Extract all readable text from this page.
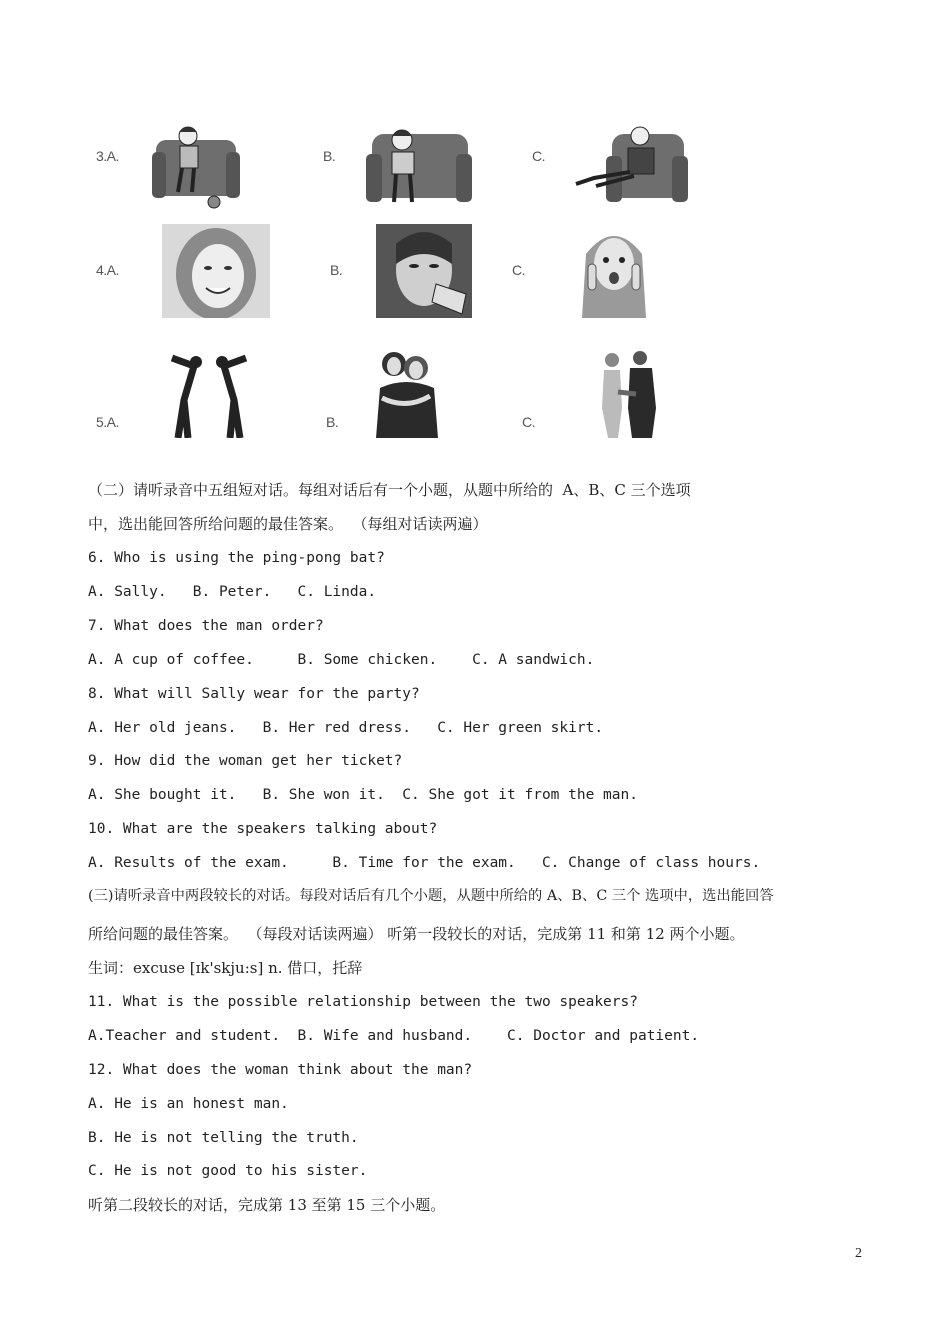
3.A.	B.	C.
4.A.	B.	C.
5.A.	B.	C.
（二）请听录音中五组短对话。每组对话后有一个小题，从题中所给的  A、B、C 三个选项
中，选出能回答所给问题的最佳答案。  （每组对话读两遍）
6. Who is using the ping-pong bat?
A. Sally.   B. Peter.   C. Linda.
7. What does the man order?
A. A cup of coffee.     B. Some chicken.    C. A sandwich.
8. What will Sally wear for the party?
A. Her old jeans.   B. Her red dress.   C. Her green skirt.
9. How did the woman get her ticket?
A. She bought it.   B. She won it.  C. She got it from the man.
10. What are the speakers talking about?
A. Results of the exam.     B. Time for the exam.   C. Change of class hours.
(三)请听录音中两段较长的对话。每段对话后有几个小题，从题中所给的 A、B、C 三个 选项中，选出能回答
所给问题的最佳答案。  （每段对话读两遍） 听第一段较长的对话，完成第 11 和第 12 两个小题。
生词：excuse [ɪk'skju:s] n. 借口，托辞
11. What is the possible relationship between the two speakers?
A.Teacher and student.  B. Wife and husband.    C. Doctor and patient.
12. What does the woman think about the man?
A. He is an honest man.
B. He is not telling the truth.
C. He is not good to his sister.
听第二段较长的对话，完成第 13 至第 15 三个小题。
2
